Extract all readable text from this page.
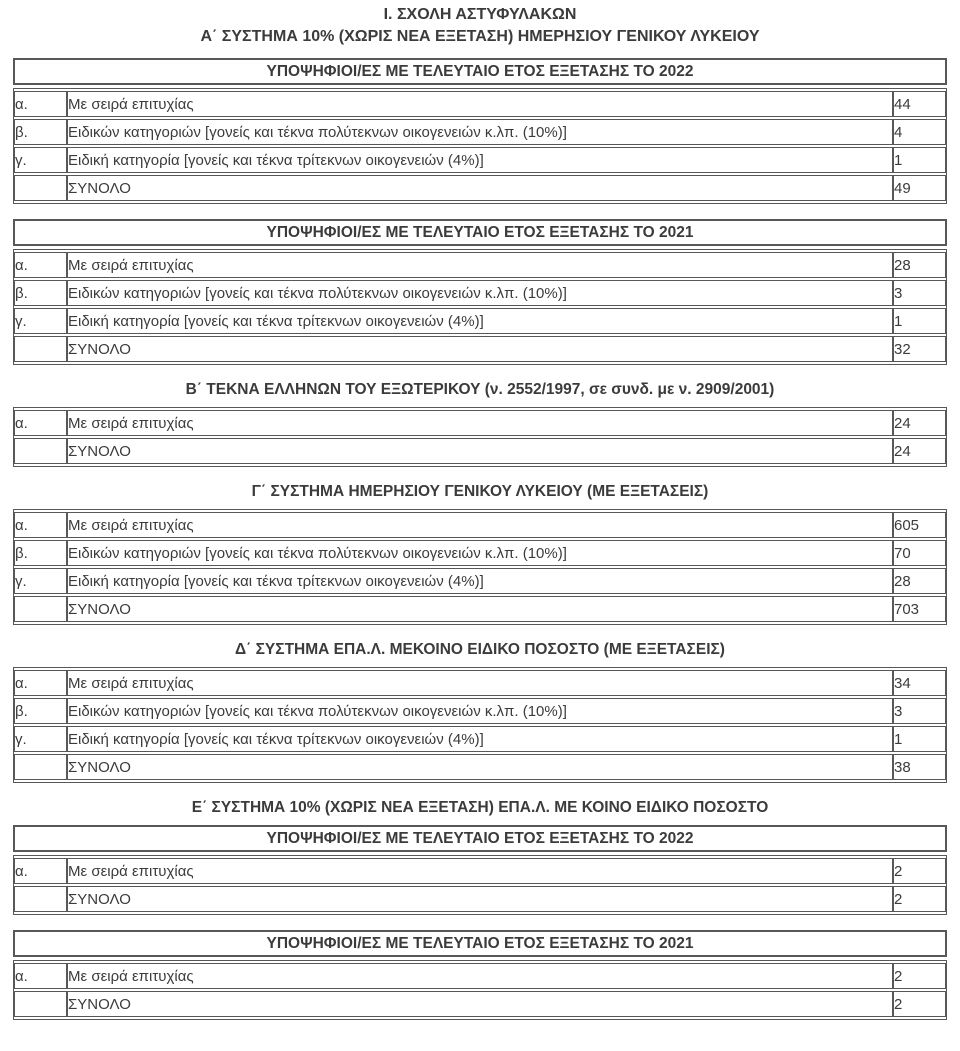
Ι. ΣΧΟΛΗ ΑΣΤΥΦΥΛΑΚΩΝ
Α΄ ΣΥΣΤΗΜΑ 10% (ΧΩΡΙΣ ΝΕΑ ΕΞΕΤΑΣΗ) ΗΜΕΡΗΣΙΟΥ ΓΕΝΙΚΟΥ ΛΥΚΕΙΟΥ
ΥΠΟΨΗΦΙΟΙ/ΕΣ ΜΕ ΤΕΛΕΥΤΑΙΟ ΕΤΟΣ ΕΞΕΤΑΣΗΣ ΤΟ 2022
α.	Με σειρά επιτυχίας	44
β.	Ειδικών κατηγοριών [γονείς και τέκνα πολύτεκνων οικογενειών κ.λπ. (10%)]	4
γ.	Ειδική κατηγορία [γονείς και τέκνα τρίτεκνων οικογενειών (4%)]	1
	ΣΥΝΟΛΟ	49
ΥΠΟΨΗΦΙΟΙ/ΕΣ ΜΕ ΤΕΛΕΥΤΑΙΟ ΕΤΟΣ ΕΞΕΤΑΣΗΣ ΤΟ 2021
α.	Με σειρά επιτυχίας	28
β.	Ειδικών κατηγοριών [γονείς και τέκνα πολύτεκνων οικογενειών κ.λπ. (10%)]	3
γ.	Ειδική κατηγορία [γονείς και τέκνα τρίτεκνων οικογενειών (4%)]	1
	ΣΥΝΟΛΟ	32
Β΄ ΤΕΚΝΑ ΕΛΛΗΝΩΝ ΤΟΥ ΕΞΩΤΕΡΙΚΟΥ (ν. 2552/1997, σε συνδ. με ν. 2909/2001)
α.	Με σειρά επιτυχίας	24
	ΣΥΝΟΛΟ	24
Γ΄ ΣΥΣΤΗΜΑ ΗΜΕΡΗΣΙΟΥ ΓΕΝΙΚΟΥ ΛΥΚΕΙΟΥ (ΜΕ ΕΞΕΤΑΣΕΙΣ)
α.	Με σειρά επιτυχίας	605
β.	Ειδικών κατηγοριών [γονείς και τέκνα πολύτεκνων οικογενειών κ.λπ. (10%)]	70
γ.	Ειδική κατηγορία [γονείς και τέκνα τρίτεκνων οικογενειών (4%)]	28
	ΣΥΝΟΛΟ	703
Δ΄ ΣΥΣΤΗΜΑ ΕΠΑ.Λ. ΜΕΚΟΙΝΟ ΕΙΔΙΚΟ ΠΟΣΟΣΤΟ (ΜΕ ΕΞΕΤΑΣΕΙΣ)
α.	Με σειρά επιτυχίας	34
β.	Ειδικών κατηγοριών [γονείς και τέκνα πολύτεκνων οικογενειών κ.λπ. (10%)]	3
γ.	Ειδική κατηγορία [γονείς και τέκνα τρίτεκνων οικογενειών (4%)]	1
	ΣΥΝΟΛΟ	38
Ε΄ ΣΥΣΤΗΜΑ 10% (ΧΩΡΙΣ ΝΕΑ ΕΞΕΤΑΣΗ) ΕΠΑ.Λ. ΜΕ ΚΟΙΝΟ ΕΙΔΙΚΟ ΠΟΣΟΣΤΟ
ΥΠΟΨΗΦΙΟΙ/ΕΣ ΜΕ ΤΕΛΕΥΤΑΙΟ ΕΤΟΣ ΕΞΕΤΑΣΗΣ ΤΟ 2022
α.	Με σειρά επιτυχίας	2
	ΣΥΝΟΛΟ	2
ΥΠΟΨΗΦΙΟΙ/ΕΣ ΜΕ ΤΕΛΕΥΤΑΙΟ ΕΤΟΣ ΕΞΕΤΑΣΗΣ ΤΟ 2021
α.	Με σειρά επιτυχίας	2
	ΣΥΝΟΛΟ	2
